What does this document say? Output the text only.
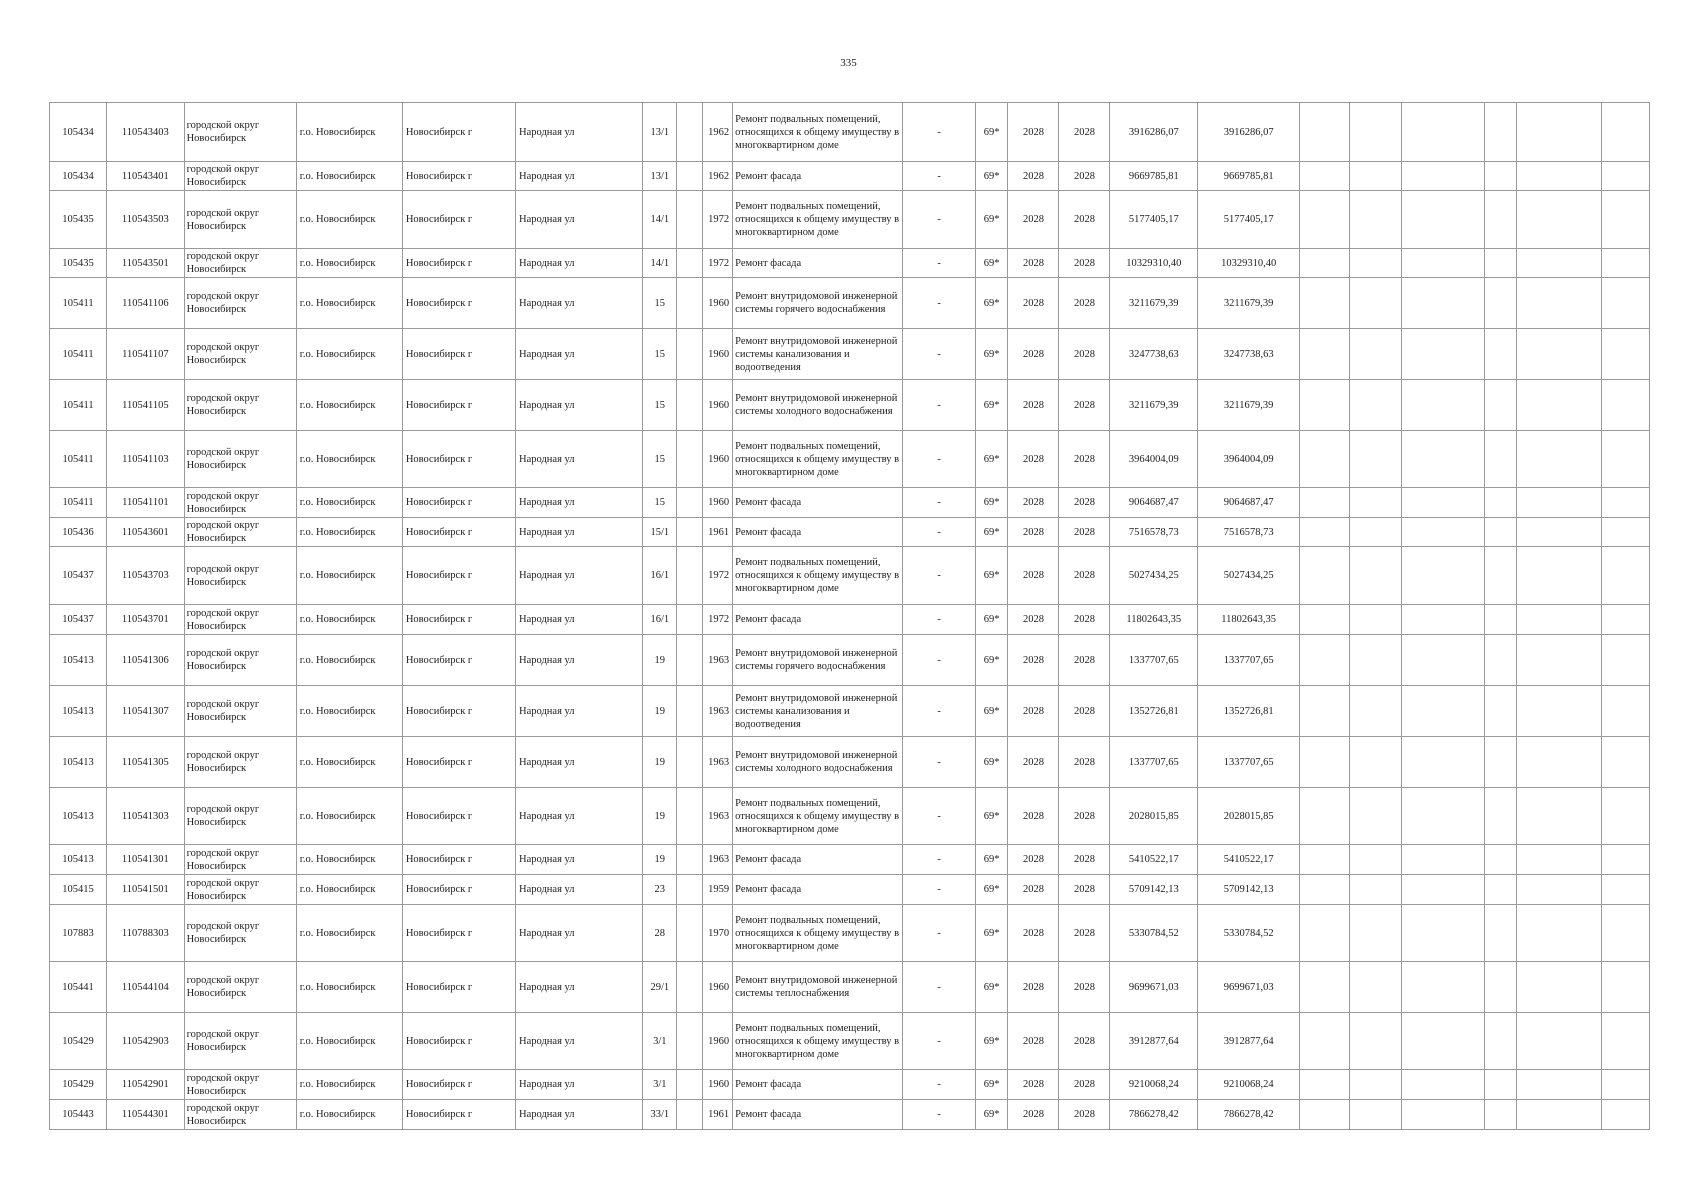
335
105434	110543403	городской округ Новосибирск	г.о. Новосибирск	Новосибирск г	Народная ул	13/1		1962	Ремонт подвальных помещений, относящихся к общему имуществу в многоквартирном доме	-	69*	2028	2028	3916286,07	3916286,07						
105434	110543401	городской округ Новосибирск	г.о. Новосибирск	Новосибирск г	Народная ул	13/1		1962	Ремонт фасада	-	69*	2028	2028	9669785,81	9669785,81						
105435	110543503	городской округ Новосибирск	г.о. Новосибирск	Новосибирск г	Народная ул	14/1		1972	Ремонт подвальных помещений, относящихся к общему имуществу в многоквартирном доме	-	69*	2028	2028	5177405,17	5177405,17						
105435	110543501	городской округ Новосибирск	г.о. Новосибирск	Новосибирск г	Народная ул	14/1		1972	Ремонт фасада	-	69*	2028	2028	10329310,40	10329310,40						
105411	110541106	городской округ Новосибирск	г.о. Новосибирск	Новосибирск г	Народная ул	15		1960	Ремонт внутридомовой инженерной системы горячего водоснабжения	-	69*	2028	2028	3211679,39	3211679,39						
105411	110541107	городской округ Новосибирск	г.о. Новосибирск	Новосибирск г	Народная ул	15		1960	Ремонт внутридомовой инженерной системы канализования и водоотведения	-	69*	2028	2028	3247738,63	3247738,63						
105411	110541105	городской округ Новосибирск	г.о. Новосибирск	Новосибирск г	Народная ул	15		1960	Ремонт внутридомовой инженерной системы холодного водоснабжения	-	69*	2028	2028	3211679,39	3211679,39						
105411	110541103	городской округ Новосибирск	г.о. Новосибирск	Новосибирск г	Народная ул	15		1960	Ремонт подвальных помещений, относящихся к общему имуществу в многоквартирном доме	-	69*	2028	2028	3964004,09	3964004,09						
105411	110541101	городской округ Новосибирск	г.о. Новосибирск	Новосибирск г	Народная ул	15		1960	Ремонт фасада	-	69*	2028	2028	9064687,47	9064687,47						
105436	110543601	городской округ Новосибирск	г.о. Новосибирск	Новосибирск г	Народная ул	15/1		1961	Ремонт фасада	-	69*	2028	2028	7516578,73	7516578,73						
105437	110543703	городской округ Новосибирск	г.о. Новосибирск	Новосибирск г	Народная ул	16/1		1972	Ремонт подвальных помещений, относящихся к общему имуществу в многоквартирном доме	-	69*	2028	2028	5027434,25	5027434,25						
105437	110543701	городской округ Новосибирск	г.о. Новосибирск	Новосибирск г	Народная ул	16/1		1972	Ремонт фасада	-	69*	2028	2028	11802643,35	11802643,35						
105413	110541306	городской округ Новосибирск	г.о. Новосибирск	Новосибирск г	Народная ул	19		1963	Ремонт внутридомовой инженерной системы горячего водоснабжения	-	69*	2028	2028	1337707,65	1337707,65						
105413	110541307	городской округ Новосибирск	г.о. Новосибирск	Новосибирск г	Народная ул	19		1963	Ремонт внутридомовой инженерной системы канализования и водоотведения	-	69*	2028	2028	1352726,81	1352726,81						
105413	110541305	городской округ Новосибирск	г.о. Новосибирск	Новосибирск г	Народная ул	19		1963	Ремонт внутридомовой инженерной системы холодного водоснабжения	-	69*	2028	2028	1337707,65	1337707,65						
105413	110541303	городской округ Новосибирск	г.о. Новосибирск	Новосибирск г	Народная ул	19		1963	Ремонт подвальных помещений, относящихся к общему имуществу в многоквартирном доме	-	69*	2028	2028	2028015,85	2028015,85						
105413	110541301	городской округ Новосибирск	г.о. Новосибирск	Новосибирск г	Народная ул	19		1963	Ремонт фасада	-	69*	2028	2028	5410522,17	5410522,17						
105415	110541501	городской округ Новосибирск	г.о. Новосибирск	Новосибирск г	Народная ул	23		1959	Ремонт фасада	-	69*	2028	2028	5709142,13	5709142,13						
107883	110788303	городской округ Новосибирск	г.о. Новосибирск	Новосибирск г	Народная ул	28		1970	Ремонт подвальных помещений, относящихся к общему имуществу в многоквартирном доме	-	69*	2028	2028	5330784,52	5330784,52						
105441	110544104	городской округ Новосибирск	г.о. Новосибирск	Новосибирск г	Народная ул	29/1		1960	Ремонт внутридомовой инженерной системы теплоснабжения	-	69*	2028	2028	9699671,03	9699671,03						
105429	110542903	городской округ Новосибирск	г.о. Новосибирск	Новосибирск г	Народная ул	3/1		1960	Ремонт подвальных помещений, относящихся к общему имуществу в многоквартирном доме	-	69*	2028	2028	3912877,64	3912877,64						
105429	110542901	городской округ Новосибирск	г.о. Новосибирск	Новосибирск г	Народная ул	3/1		1960	Ремонт фасада	-	69*	2028	2028	9210068,24	9210068,24						
105443	110544301	городской округ Новосибирск	г.о. Новосибирск	Новосибирск г	Народная ул	33/1		1961	Ремонт фасада	-	69*	2028	2028	7866278,42	7866278,42						
